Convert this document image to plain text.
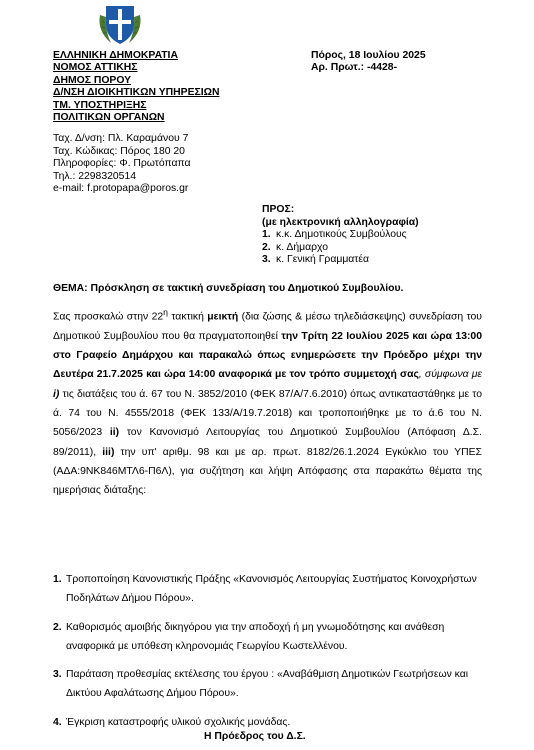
ΕΛΛΗΝΙΚΗ ΔΗΜΟΚΡΑΤΙΑ
ΝΟΜΟΣ ΑΤΤΙΚΗΣ
ΔΗΜΟΣ ΠΟΡΟΥ
Δ/ΝΣΗ ΔΙΟΙΚΗΤΙΚΩΝ ΥΠΗΡΕΣΙΩΝ
ΤΜ. ΥΠΟΣΤΗΡΙΞΗΣ
ΠΟΛΙΤΙΚΩΝ ΟΡΓΑΝΩΝ
Πόρος, 18 Ιουλίου 2025
Αρ. Πρωτ.: -4428-
Ταχ. Δ/νση: Πλ. Καραμάνου 7
Ταχ. Κώδικας: Πόρος 180 20
Πληροφορίες: Φ. Πρωτόπαπα
Τηλ.: 2298320514
e-mail: f.protopapa@poros.gr
ΠΡΟΣ:
(με ηλεκτρονική αλληλογραφία)
1. κ.κ. Δημοτικούς Συμβούλους
2. κ. Δήμαρχο
3. κ. Γενική Γραμματέα
ΘΕΜΑ: Πρόσκληση σε τακτική συνεδρίαση του Δημοτικού Συμβουλίου.
Σας προσκαλώ στην $22^\eta$ τακτική μεικτή (δια ζώσης & μέσω τηλεδιάσκεψης) συνεδρίαση του Δημοτικού Συμβουλίου που θα πραγματοποιηθεί την Τρίτη 22 Ιουλίου 2025 και ώρα 13:00 στο Γραφείο Δημάρχου και παρακαλώ όπως ενημερώσετε την Πρόεδρο μέχρι την Δευτέρα 21.7.2025 και ώρα 14:00 αναφορικά με τον τρόπο συμμετοχή σας, σύμφωνα με i) τις διατάξεις του ά. 67 του Ν. 3852/2010 (ΦΕΚ 87/Α/7.6.2010) όπως αντικαταστάθηκε με το ά. 74 του Ν. 4555/2018 (ΦΕΚ 133/Α/19.7.2018) και τροποποιήθηκε με το ά.6 του Ν. 5056/2023 ii) τον Κανονισμό Λειτουργίας του Δημοτικού Συμβουλίου (Απόφαση Δ.Σ. 89/2011), iii) την υπ' αριθμ. 98 και με αρ. πρωτ. 8182/26.1.2024 Εγκύκλιο του ΥΠΕΣ (ΑΔΑ:9ΝΚ846ΜΤΛ6-Π6Λ), για συζήτηση και λήψη Απόφασης στα παρακάτω θέματα της ημερήσιας διάταξης:
1. Τροποποίηση Κανονιστικής Πράξης «Κανονισμός Λειτουργίας Συστήματος Κοινοχρήστων Ποδηλάτων Δήμου Πόρου».
2. Καθορισμός αμοιβής δικηγόρου για την αποδοχή ή μη γνωμοδότησης και ανάθεση αναφορικά με υπόθεση κληρονομιάς Γεωργίου Κωστελλένου.
3. Παράταση προθεσμίας εκτέλεσης του έργου : «Αναβάθμιση Δημοτικών Γεωτρήσεων και Δικτύου Αφαλάτωσης Δήμου Πόρου».
4. Έγκριση καταστροφής υλικού σχολικής μονάδας.
Η Πρόεδρος του Δ.Σ.
